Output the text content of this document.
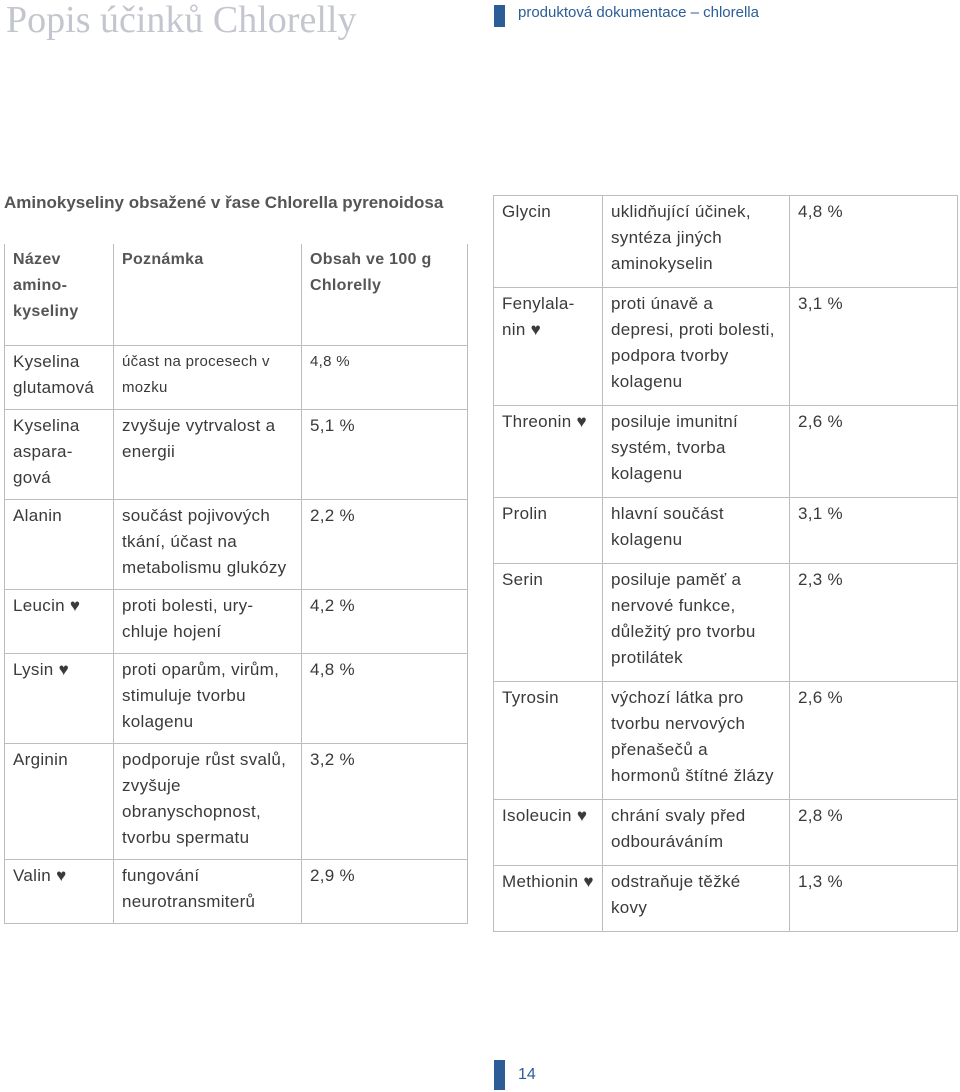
Popis účinků Chlorelly	produktová dokumentace – chlorella
Aminokyseliny obsažené v řase Chlorella pyrenoidosa
Název amino-kyseliny	Poznámka	Obsah ve 100 g Chlorelly
Kyselina glutamová	účast na procesech v mozku	4,8 %
Kyselina aspara-gová	zvyšuje vytrvalost a energii	5,1 %
Alanin	součást pojivových tkání, účast na metabolismu glukózy	2,2 %
Leucin ♥	proti bolesti, ury-chluje hojení	4,2 %
Lysin ♥	proti oparům, virům, stimuluje tvorbu kolagenu	4,8 %
Arginin	podporuje růst svalů, zvyšuje obranyschopnost, tvorbu spermatu	3,2 %
Valin ♥	fungování neurotransmiterů	2,9 %
Glycin	uklidňující účinek, syntéza jiných aminokyselin	4,8 %
Fenylala-nin ♥	proti únavě a depresi, proti bolesti, podpora tvorby kolagenu	3,1 %
Threonin ♥	posiluje imunitní systém, tvorba kolagenu	2,6 %
Prolin	hlavní součást kolagenu	3,1 %
Serin	posiluje paměť a nervové funkce, důležitý pro tvorbu protilátek	2,3 %
Tyrosin	výchozí látka pro tvorbu nervových přenašečů a hormonů štítné žlázy	2,6 %
Isoleucin ♥	chrání svaly před odbouráváním	2,8 %
Methionin ♥	odstraňuje těžké kovy	1,3 %
14
